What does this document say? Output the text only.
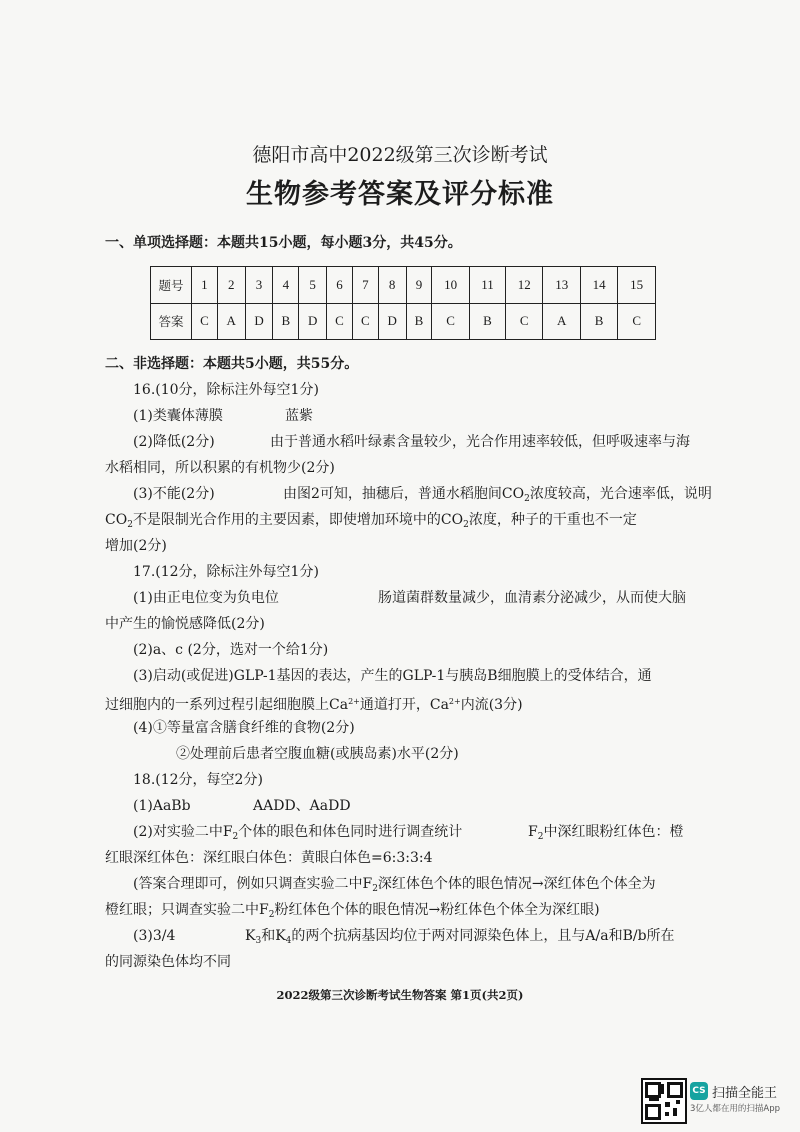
德阳市高中2022级第三次诊断考试
生物参考答案及评分标准
一、单项选择题：本题共15小题，每小题3分，共45分。
题号	1	2	3	4	5	6	7	8	9	10	11	12	13	14	15
答案	C	A	D	B	D	C	C	D	B	C	B	C	A	B	C
二、非选择题：本题共5小题，共55分。
16.(10分，除标注外每空1分)
(1)类囊体薄膜	蓝紫
(2)降低(2分)	由于普通水稻叶绿素含量较少，光合作用速率较低，但呼吸速率与海
水稻相同，所以积累的有机物少(2分)
(3)不能(2分)	由图2可知，抽穗后，普通水稻胞间$CO_2$浓度较高，光合速率低，说明
$CO_2$不是限制光合作用的主要因素，即使增加环境中的$CO_2$浓度，种子的干重也不一定
增加(2分)
17.(12分，除标注外每空1分)
(1)由正电位变为负电位	肠道菌群数量减少，血清素分泌减少，从而使大脑
中产生的愉悦感降低(2分)
(2)a、c (2分，选对一个给1分)
(3)启动(或促进)GLP-1基因的表达，产生的GLP-1与胰岛B细胞膜上的受体结合，通
过细胞内的一系列过程引起细胞膜上$Ca^{2+}$通道打开，$Ca^{2+}$内流(3分)
(4)①等量富含膳食纤维的食物(2分)
②处理前后患者空腹血糖(或胰岛素)水平(2分)
18.(12分，每空2分)
(1)AaBb	AADD、AaDD
(2)对实验二中$F_2$个体的眼色和体色同时进行调查统计	$F_2$中深红眼粉红体色：橙
红眼深红体色：深红眼白体色：黄眼白体色=6:3:3:4
(答案合理即可，例如只调查实验二中$F_2$深红体色个体的眼色情况→深红体色个体全为
橙红眼；只调查实验二中$F_2$粉红体色个体的眼色情况→粉红体色个体全为深红眼)
(3)3/4	$K_3$和$K_4$的两个抗病基因均位于两对同源染色体上，且与A/a和B/b所在
的同源染色体均不同
2022级第三次诊断考试生物答案 第1页(共2页)
CS 扫描全能王
3亿人都在用的扫描App
